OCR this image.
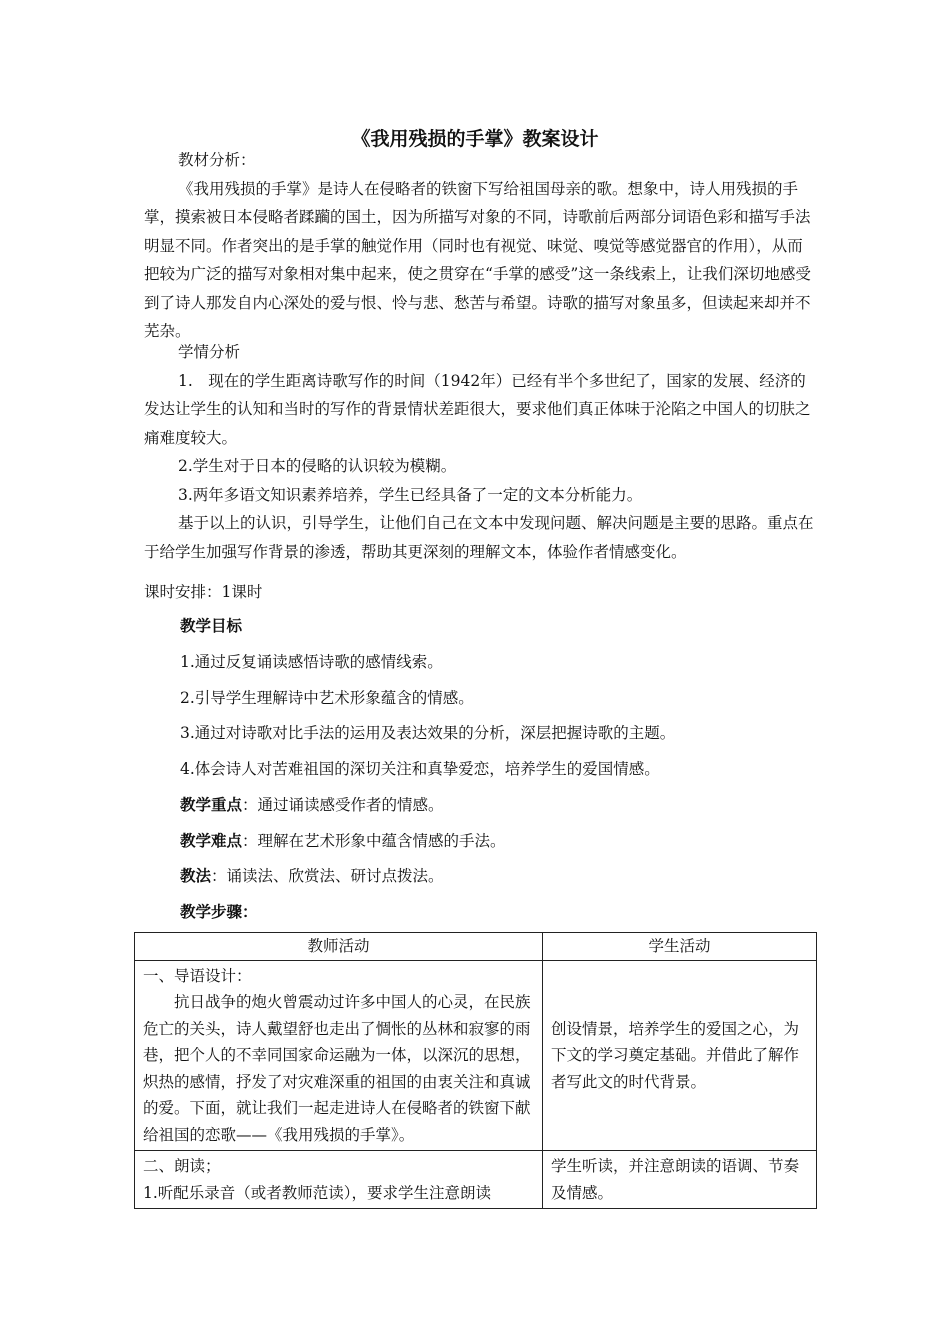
《我用残损的手掌》教案设计

教材分析：

《我用残损的手掌》是诗人在侵略者的铁窗下写给祖国母亲的歌。想象中，诗人用残损的手掌，摸索被日本侵略者蹂躏的国土，因为所描写对象的不同，诗歌前后两部分词语色彩和描写手法明显不同。作者突出的是手掌的触觉作用（同时也有视觉、味觉、嗅觉等感觉器官的作用），从而把较为广泛的描写对象相对集中起来，使之贯穿在“手掌的感受”这一条线索上，让我们深切地感受到了诗人那发自内心深处的爱与恨、怜与悲、愁苦与希望。诗歌的描写对象虽多，但读起来却并不芜杂。

学情分析

1.　现在的学生距离诗歌写作的时间（1942年）已经有半个多世纪了，国家的发展、经济的发达让学生的认知和当时的写作的背景情状差距很大，要求他们真正体味于沦陷之中国人的切肤之痛难度较大。

2.学生对于日本的侵略的认识较为模糊。

3.两年多语文知识素养培养，学生已经具备了一定的文本分析能力。

基于以上的认识，引导学生，让他们自己在文本中发现问题、解决问题是主要的思路。重点在于给学生加强写作背景的渗透，帮助其更深刻的理解文本，体验作者情感变化。

课时安排：1课时
教学目标
1.通过反复诵读感悟诗歌的感情线索。
2.引导学生理解诗中艺术形象蕴含的情感。
3.通过对诗歌对比手法的运用及表达效果的分析，深层把握诗歌的主题。
4.体会诗人对苦难祖国的深切关注和真挚爱恋，培养学生的爱国情感。
教学重点：通过诵读感受作者的情感。
教学难点：理解在艺术形象中蕴含情感的手法。
教法：诵读法、欣赏法、研讨点拨法。
教学步骤：
教师活动	学生活动

一、导语设计：
抗日战争的炮火曾震动过许多中国人的心灵，在民族危亡的关头，诗人戴望舒也走出了惆怅的丛林和寂寥的雨巷，把个人的不幸同国家命运融为一体，以深沉的思想，炽热的感情，抒发了对灾难深重的祖国的由衷关注和真诚的爱。下面，就让我们一起走进诗人在侵略者的铁窗下献给祖国的恋歌——《我用残损的手掌》。	创设情景，培养学生的爱国之心，为下文的学习奠定基础。并借此了解作者写此文的时代背景。

二、朗读；
1.听配乐录音（或者教师范读），要求学生注意朗读	学生听读，并注意朗读的语调、节奏及情感。
